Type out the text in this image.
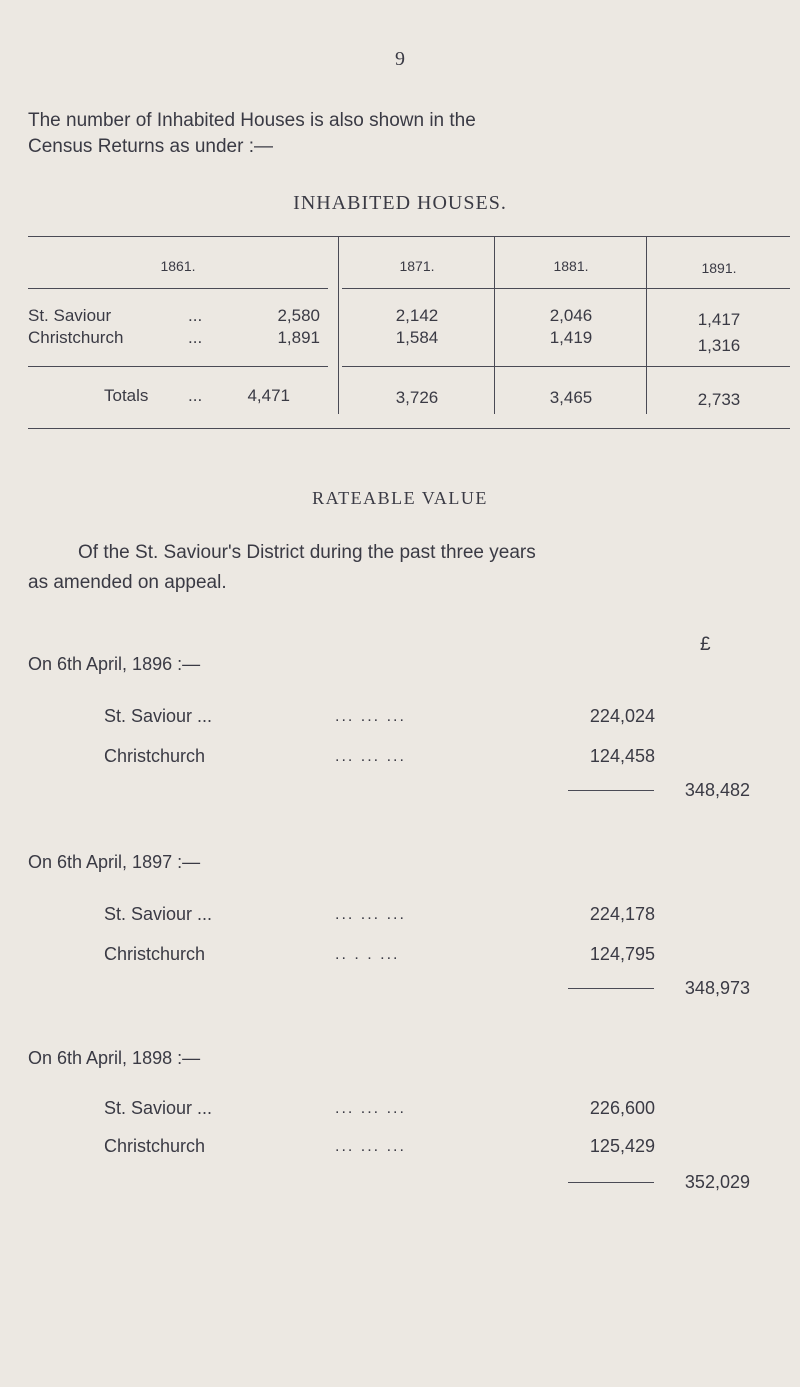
9
The number of Inhabited Houses is also shown in the
Census Returns as under :—
INHABITED HOUSES.
1861.	1871.	1881.	1891.
St. Saviour	...	2,580	2,142	2,046	1,417
Christchurch	...	1,891	1,584	1,419	1,316
Totals ...	4,471	3,726	3,465	2,733
RATEABLE VALUE
Of the St. Saviour's District during the past three years
as amended on appeal.
£
On 6th April, 1896 :—
St. Saviour ...	... ... ...	224,024
Christchurch	... ... ...	124,458
348,482
On 6th April, 1897 :—
St. Saviour ...	... ... ...	224,178
Christchurch	.. . . ...	124,795
348,973
On 6th April, 1898 :—
St. Saviour ...	... ... ...	226,600
Christchurch	... ... ...	125,429
352,029
